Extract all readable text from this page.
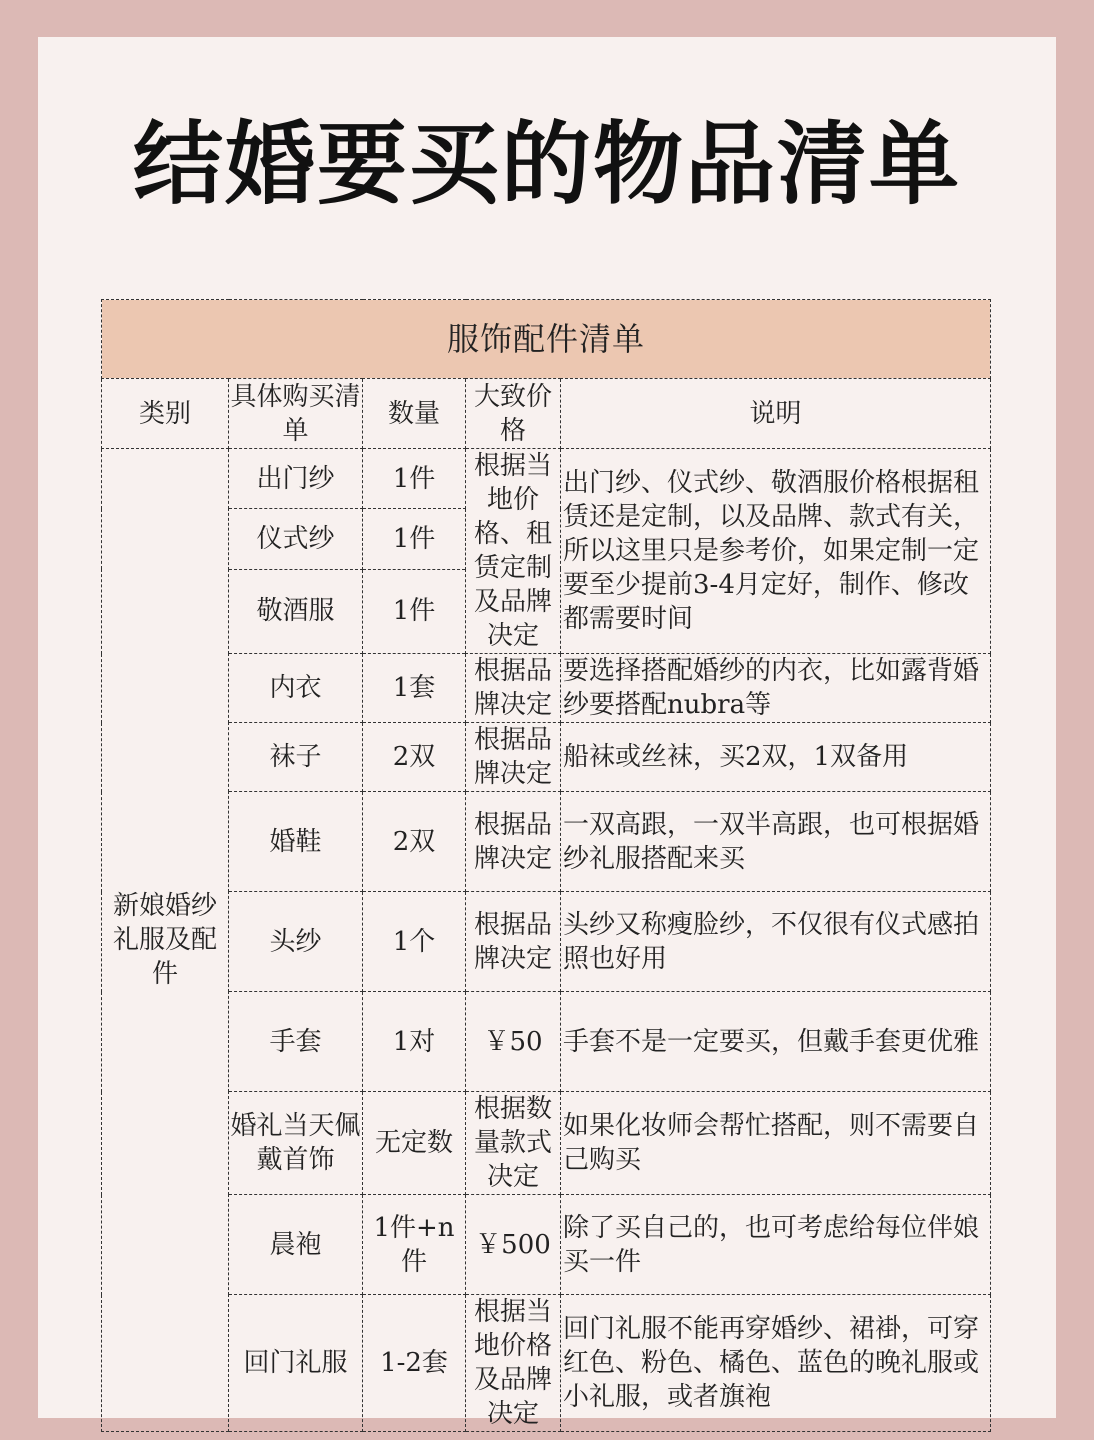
结婚要买的物品清单
服饰配件清单				
类别	具体购买清单	数量	大致价格	说明
新娘婚纱礼服及配件	出门纱	1件	根据当地价格、租赁定制及品牌决定	出门纱、仪式纱、敬酒服价格根据租赁还是定制，以及品牌、款式有关，所以这里只是参考价，如果定制一定要至少提前3-4月定好，制作、修改都需要时间
	仪式纱	1件		
	敬酒服	1件		
	内衣	1套	根据品牌决定	要选择搭配婚纱的内衣，比如露背婚纱要搭配nubra等
	袜子	2双	根据品牌决定	船袜或丝袜，买2双，1双备用
	婚鞋	2双	根据品牌决定	一双高跟，一双半高跟，也可根据婚纱礼服搭配来买
	头纱	1个	根据品牌决定	头纱又称瘦脸纱，不仅很有仪式感拍照也好用
	手套	1对	￥50	手套不是一定要买，但戴手套更优雅
	婚礼当天佩戴首饰	无定数	根据数量款式决定	如果化妆师会帮忙搭配，则不需要自己购买
	晨袍	1件+n件	￥500	除了买自己的，也可考虑给每位伴娘买一件
	回门礼服	1-2套	根据当地价格及品牌决定	回门礼服不能再穿婚纱、裙褂，可穿红色、粉色、橘色、蓝色的晚礼服或小礼服，或者旗袍
